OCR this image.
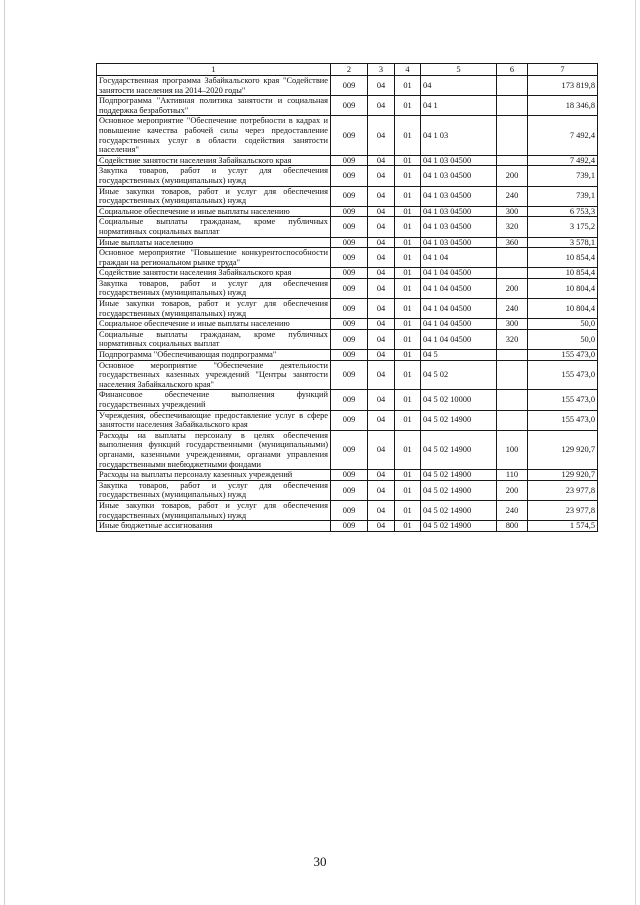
1	2	3	4	5	6	7
Государственная программа Забайкальского края "Содействие занятости населения на 2014–2020 годы"	009	04	01	04		173 819,8
Подпрограмма "Активная политика занятости и социальная поддержка безработных"	009	04	01	04 1		18 346,8
Основное мероприятие "Обеспечение потребности в кадрах и повышение качества рабочей силы через предоставление государственных услуг в области содействия занятости населения"	009	04	01	04 1 03		7 492,4
Содействие занятости населения Забайкальского края	009	04	01	04 1 03 04500		7 492,4
Закупка товаров, работ и услуг для обеспечения государственных (муниципальных) нужд	009	04	01	04 1 03 04500	200	739,1
Иные закупки товаров, работ и услуг для обеспечения государственных (муниципальных) нужд	009	04	01	04 1 03 04500	240	739,1
Социальное обеспечение и иные выплаты населению	009	04	01	04 1 03 04500	300	6 753,3
Социальные выплаты гражданам, кроме публичных нормативных социальных выплат	009	04	01	04 1 03 04500	320	3 175,2
Иные выплаты населению	009	04	01	04 1 03 04500	360	3 578,1
Основное мероприятие "Повышение конкурентоспособности граждан на региональном рынке труда"	009	04	01	04 1 04		10 854,4
Содействие занятости населения Забайкальского края	009	04	01	04 1 04 04500		10 854,4
Закупка товаров, работ и услуг для обеспечения государственных (муниципальных) нужд	009	04	01	04 1 04 04500	200	10 804,4
Иные закупки товаров, работ и услуг для обеспечения государственных (муниципальных) нужд	009	04	01	04 1 04 04500	240	10 804,4
Социальное обеспечение и иные выплаты населению	009	04	01	04 1 04 04500	300	50,0
Социальные выплаты гражданам, кроме публичных нормативных социальных выплат	009	04	01	04 1 04 04500	320	50,0
Подпрограмма "Обеспечивающая подпрограмма"	009	04	01	04 5		155 473,0
Основное мероприятие "Обеспечение деятельности государственных казенных учреждений "Центры занятости населения Забайкальского края"	009	04	01	04 5 02		155 473,0
Финансовое обеспечение выполнения функций государственных учреждений	009	04	01	04 5 02 10000		155 473,0
Учреждения, обеспечивающие предоставление услуг в сфере занятости населения Забайкальского края	009	04	01	04 5 02 14900		155 473,0
Расходы на выплаты персоналу в целях обеспечения выполнения функций государственными (муниципальными) органами, казенными учреждениями, органами управления государственными внебюджетными фондами	009	04	01	04 5 02 14900	100	129 920,7
Расходы на выплаты персоналу казенных учреждений	009	04	01	04 5 02 14900	110	129 920,7
Закупка товаров, работ и услуг для обеспечения государственных (муниципальных) нужд	009	04	01	04 5 02 14900	200	23 977,8
Иные закупки товаров, работ и услуг для обеспечения государственных (муниципальных) нужд	009	04	01	04 5 02 14900	240	23 977,8
Иные бюджетные ассигнования	009	04	01	04 5 02 14900	800	1 574,5
30
